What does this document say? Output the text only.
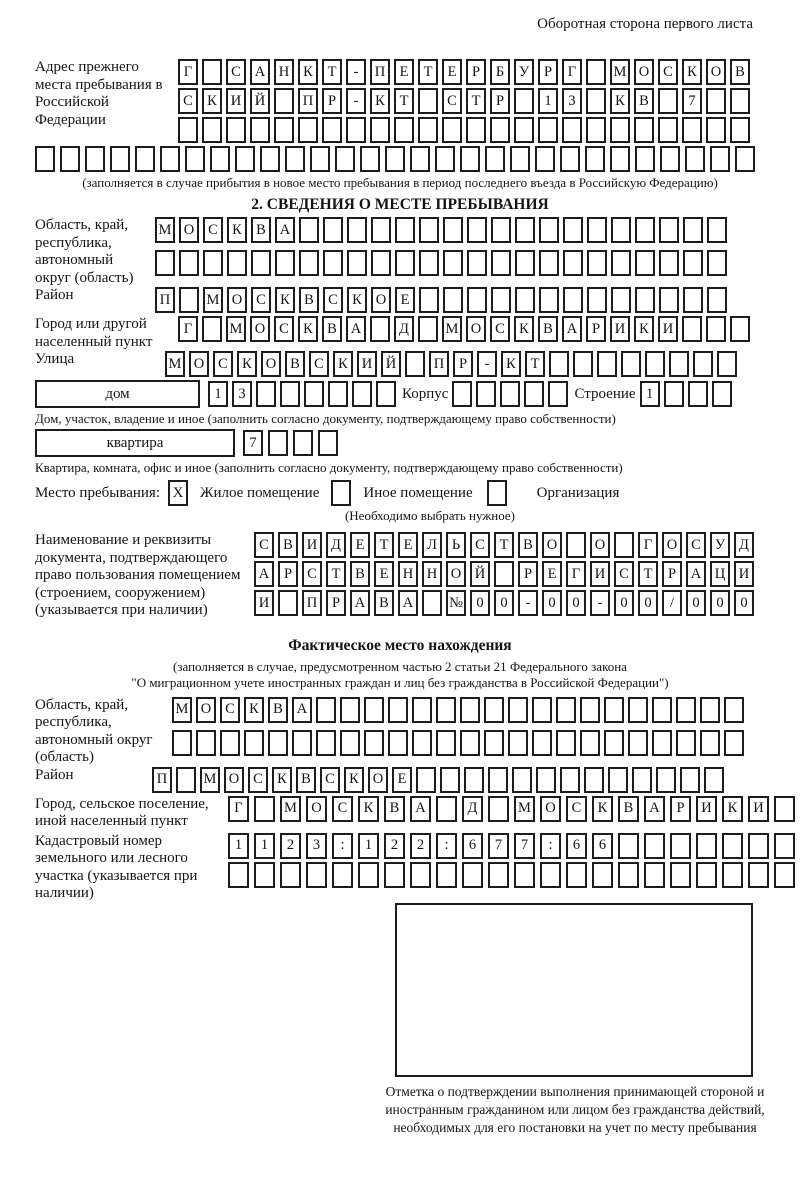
Оборотная сторона первого листа
Адрес прежнего места пребывания в Российской Федерации
Г	С А Н К	Т	-	П Е	Т	Е	Р	Б	У	Р	Г	М О С К О В
С К И Й	П	Р	-	К	Т	С	Т	Р	1	3	К В	7
(заполняется в случае прибытия в новое место пребывания в период последнего въезда в Российскую Федерацию)
2. СВЕДЕНИЯ О МЕСТЕ ПРЕБЫВАНИЯ
Область, край, республика, автономный округ (область)
М О С К В А
Район	П	М О С К В С К О Е
Город или другой населенный пункт
Г	М О С К В А	Д	М О С К В А	Р	И К И
Улица	М О С К О В С К И Й	П	Р	-	К	Т
дом	1	3	Корпус	Строение 1
Дом, участок, владение и иное (заполнить согласно документу, подтверждающему право собственности)
квартира	7
Квартира, комната, офис и иное (заполнить согласно документу, подтверждающему право собственности)
Место пребывания: X	Жилое помещение	Иное помещение	Организация
(Необходимо выбрать нужное)
Наименование и реквизиты документа, подтверждающего право пользования помещением (строением, сооружением) (указывается при наличии)
С В И Д	Е	Т	Е	Л	Ь	С	Т	В О	О	Г	О С У Д
А	Р	С	Т	В	Е Н Н О Й	Р	Е	Г	И С	Т	Р	А Ц И
И	П	Р	А В А	№ 0	0	-	0	0	-	0	0	/	0	0	0
Фактическое место нахождения
(заполняется в случае, предусмотренном частью 2 статьи 21 Федерального закона
"О миграционном учете иностранных граждан и лиц без гражданства в Российской Федерации")
Область, край, республика, автономный округ (область)
М О С К В А
Район	П	М О С К В С К О Е
Город, сельское поселение, иной населенный пункт
Г	М О	С	К	В	А	Д	М О	С	К	В	А	Р	И	К	И
Кадастровый номер земельного или лесного участка (указывается при наличии)
1	1	2	3	:	1	2	2	:	6	7	7	:	6	6
Отметка о подтверждении выполнения принимающей стороной и иностранным гражданином или лицом без гражданства действий, необходимых для его постановки на учет по месту пребывания
